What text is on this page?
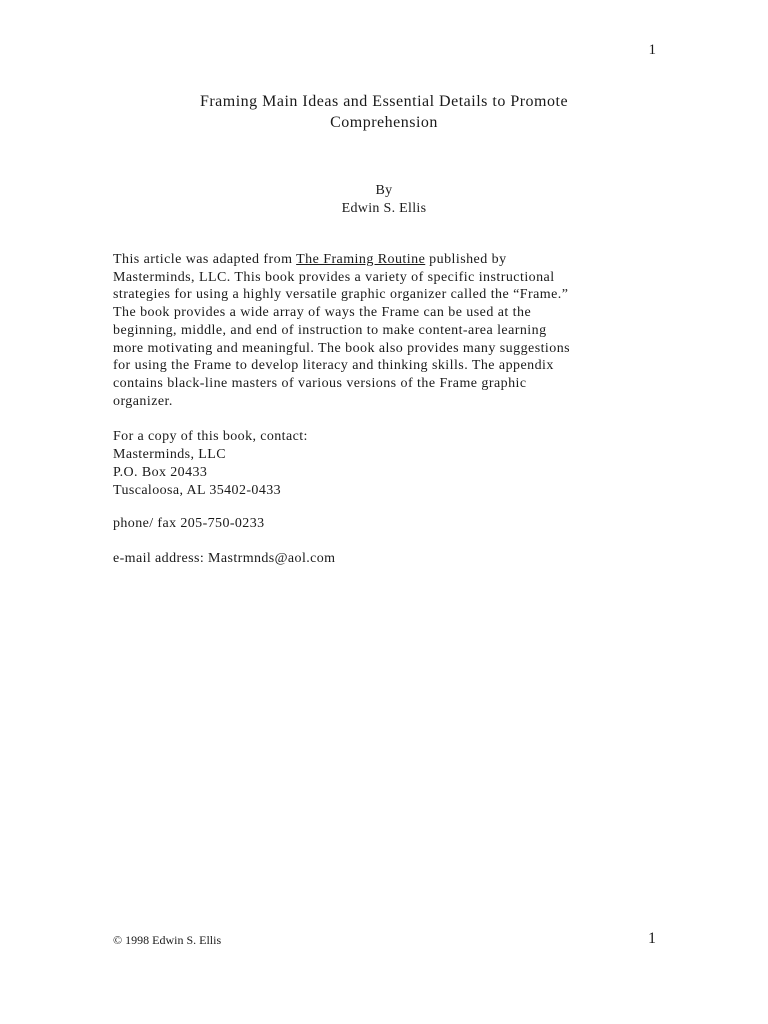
1
Framing Main Ideas and Essential Details to Promote
Comprehension
By
Edwin S. Ellis
This article was adapted from The Framing Routine published by
Masterminds, LLC. This book provides a variety of specific instructional
strategies for using a highly versatile graphic organizer called the “Frame.”
The book provides a wide array of ways the Frame can be used at the
beginning, middle, and end of instruction to make content-area learning
more motivating and meaningful. The book also provides many suggestions
for using the Frame to develop literacy and thinking skills. The appendix
contains black-line masters of various versions of the Frame graphic
organizer.
For a copy of this book, contact:
Masterminds, LLC
P.O. Box 20433
Tuscaloosa, AL 35402-0433
phone/ fax 205-750-0233
e-mail address: Mastrmnds@aol.com
© 1998 Edwin S. Ellis	1
